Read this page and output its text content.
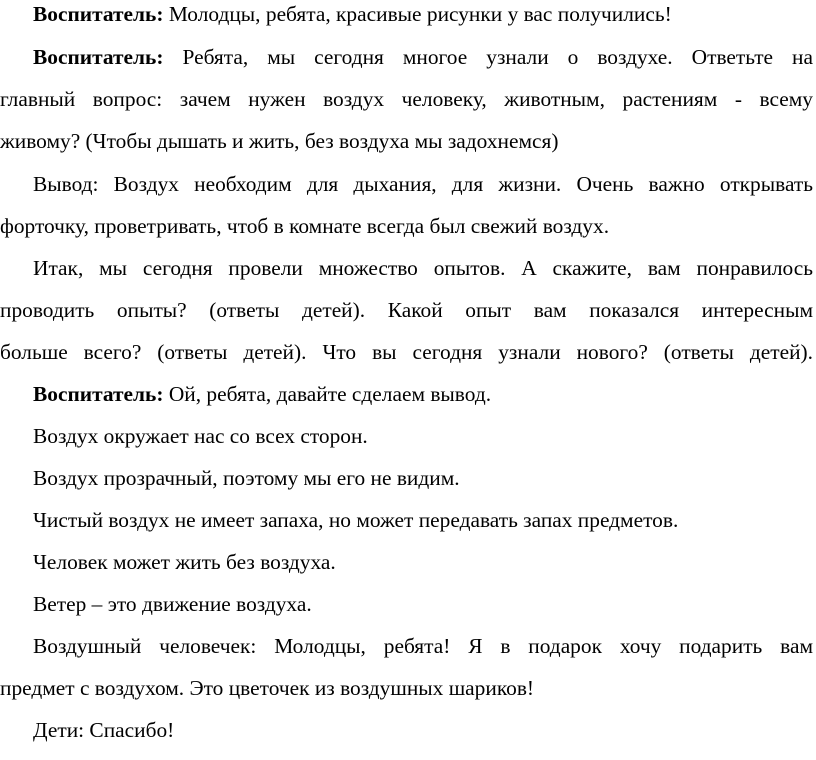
Воспитатель: Молодцы, ребята, красивые рисунки у вас получились!
Воспитатель: Ребята, мы сегодня многое узнали о воздухе. Ответьте на
главный вопрос: зачем нужен воздух человеку, животным, растениям - всему
живому? (Чтобы дышать и жить, без воздуха мы задохнемся)
Вывод: Воздух необходим для дыхания, для жизни. Очень важно открывать
форточку, проветривать, чтоб в комнате всегда был свежий воздух.
Итак, мы сегодня провели множество опытов. А скажите, вам понравилось
проводить опыты? (ответы детей). Какой опыт вам показался интересным
больше всего? (ответы детей). Что вы сегодня узнали нового? (ответы детей).
Воспитатель: Ой, ребята, давайте сделаем вывод.
Воздух окружает нас со всех сторон.
Воздух прозрачный, поэтому мы его не видим.
Чистый воздух не имеет запаха, но может передавать запах предметов.
Человек может жить без воздуха.
Ветер – это движение воздуха.
Воздушный человечек: Молодцы, ребята! Я в подарок хочу подарить вам
предмет с воздухом. Это цветочек из воздушных шариков!
Дети: Спасибо!
